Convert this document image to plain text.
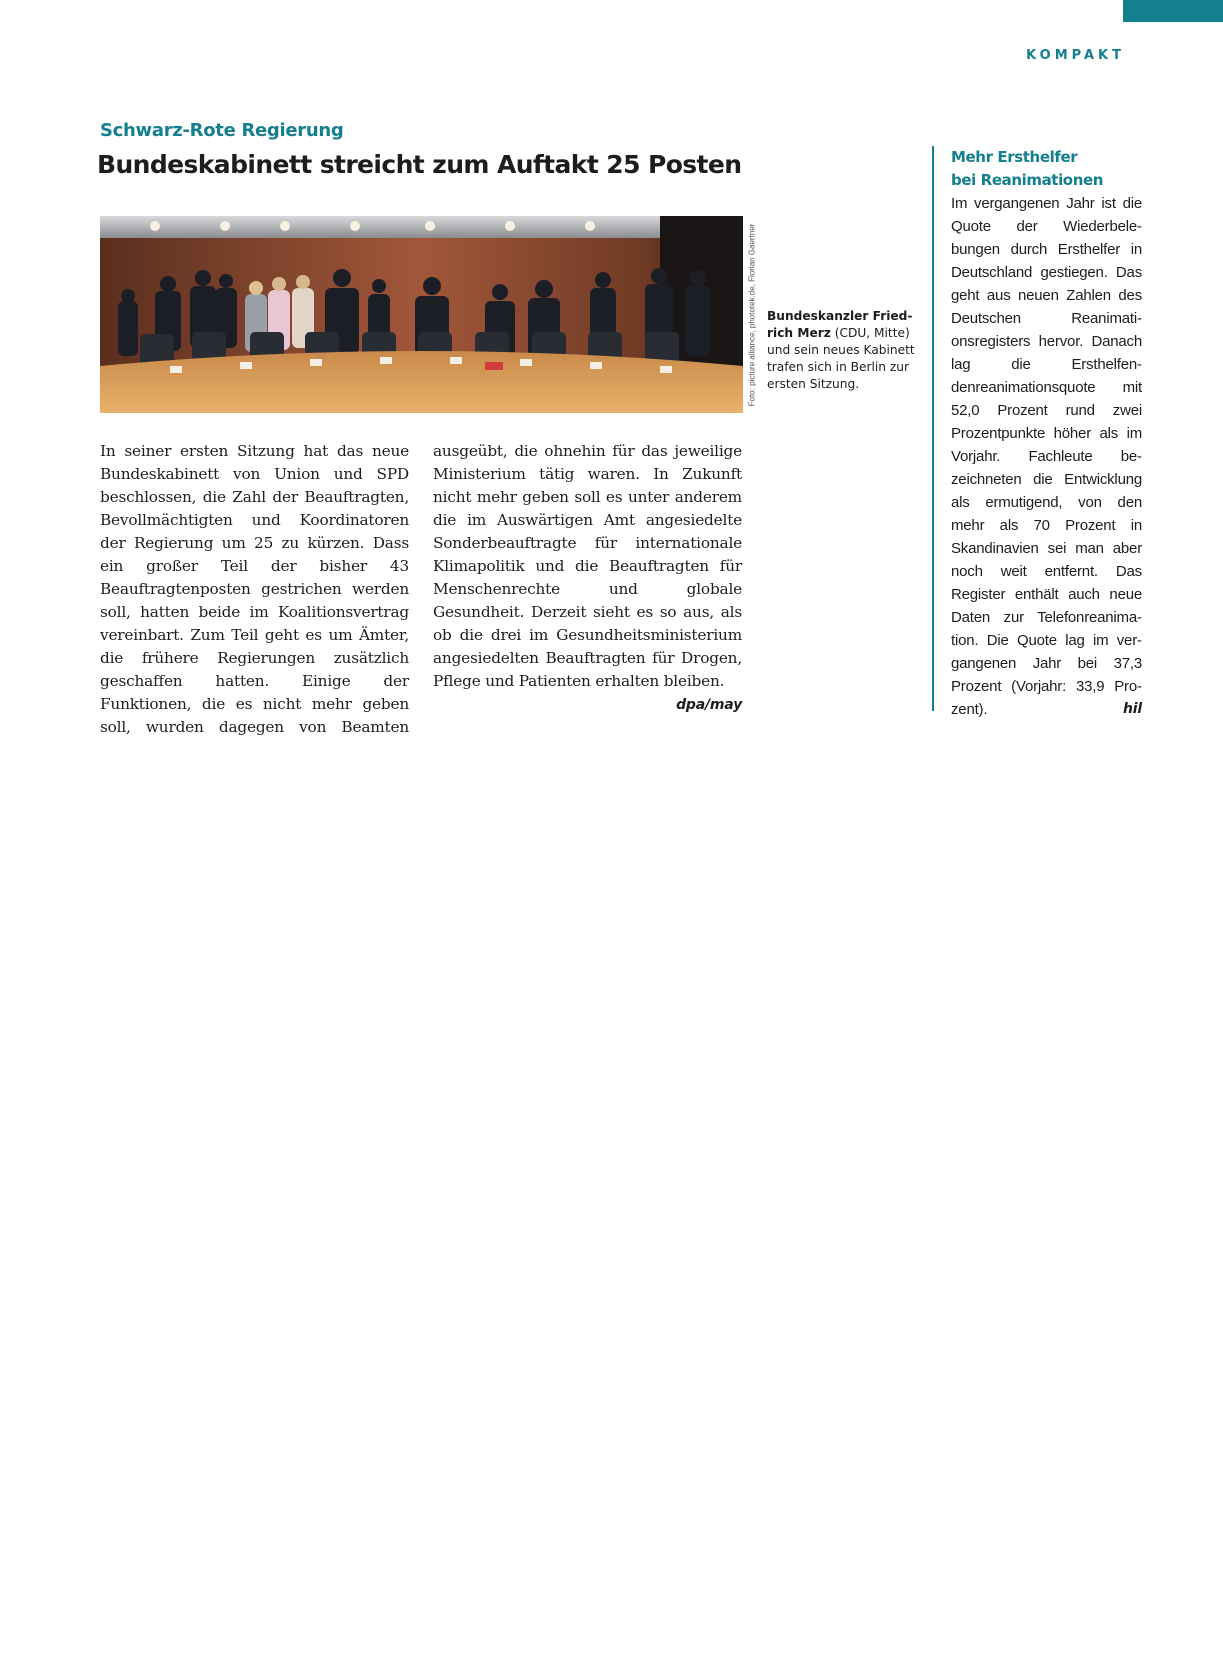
KOMPAKT
Schwarz-Rote Regierung
Bundeskabinett streicht zum Auftakt 25 Posten
Foto: picture alliance, phototek.de, Florian Gaertner Bundeskanzler Friedrich Merz (CDU, Mitte) und sein neues Kabinett trafen sich in Berlin zur ersten Sitzung.

In seiner ersten Sitzung hat das neue Bundeskabinett von Union und SPD beschlossen, die Zahl der Beauftragten, Bevollmächtigten und Koordinatoren der Regierung um 25 zu kürzen. Dass ein großer Teil der bisher 43 Beauftragtenposten gestrichen werden soll, hatten beide im Koalitionsvertrag vereinbart. Zum Teil geht es um Ämter, die frühere Regierungen zusätzlich geschaffen hatten. Einige der Funktionen, die es nicht mehr geben soll, wurden dagegen von Beamten ausgeübt, die ohnehin für das jeweilige Ministerium tätig waren. In Zukunft nicht mehr geben soll es unter anderem die im Auswärtigen Amt angesiedelte Sonderbeauftragte für internationale Klimapolitik und die Beauftragten für Menschenrechte und globale Gesundheit. Derzeit sieht es so aus, als ob die drei im Gesundheitsministerium angesiedelten Beauftragten für Drogen, Pflege und Patienten erhalten bleiben.
dpa/may

Mehr Ersthelfer
bei Reanimationen
Im vergangenen Jahr ist die Quote der Wiederbelebungen durch Ersthelfer in Deutschland gestiegen. Das geht aus neuen Zahlen des Deutschen Reanimationsregisters hervor. Danach lag die Ersthelfendenreanimationsquote mit 52,0 Prozent rund zwei Prozentpunkte höher als im Vorjahr. Fachleute bezeichneten die Entwicklung als ermutigend, von den mehr als 70 Prozent in Skandinavien sei man aber noch weit entfernt. Das Register enthält auch neue Daten zur Telefonreanimation. Die Quote lag im vergangenen Jahr bei 37,3 Prozent (Vorjahr: 33,9 Prozent).	hil
